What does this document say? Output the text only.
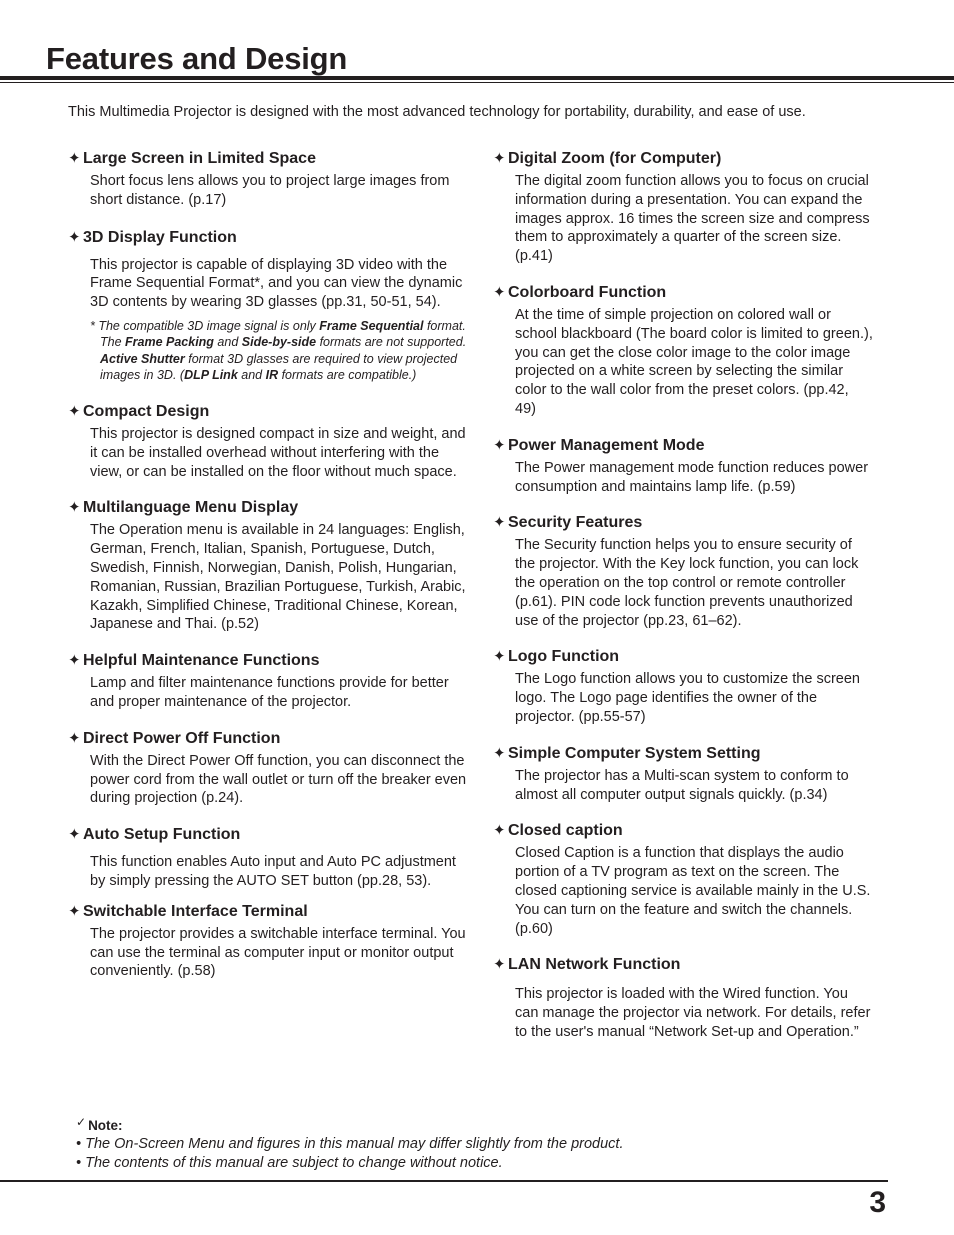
Features and Design

This Multimedia Projector is designed with the most advanced technology for portability, durability, and ease of use.

✦ Large Screen in Limited Space

Short focus lens allows you to project large images from short distance. (p.17)

✦ 3D Display Function

This projector is capable of displaying 3D video with the Frame Sequential Format*, and you can view the dynamic 3D contents by wearing 3D glasses (pp.31, 50-51, 54).

* The compatible 3D image signal is only Frame Sequential format. The Frame Packing and Side-by-side formats are not supported. Active Shutter format 3D glasses are required to view projected images in 3D. (DLP Link and IR formats are compatible.)

✦ Compact Design

This projector is designed compact in size and weight, and it can be installed overhead without interfering with the view, or can be installed on the floor without much space.

✦ Multilanguage Menu Display

The Operation menu is available in 24 languages: English, German, French, Italian, Spanish, Portuguese, Dutch, Swedish, Finnish, Norwegian, Danish, Polish, Hungarian, Romanian, Russian, Brazilian Portuguese, Turkish, Arabic, Kazakh, Simplified Chinese, Traditional Chinese, Korean, Japanese and Thai. (p.52)

✦ Helpful Maintenance Functions

Lamp and filter maintenance functions provide for better and proper maintenance of the projector.

✦ Direct Power Off Function

With the Direct Power Off function, you can disconnect the power cord from the wall outlet or turn off the breaker even during projection (p.24).

✦ Auto Setup Function

This function enables Auto input and Auto PC adjustment by simply pressing the AUTO SET button (pp.28, 53).

✦ Switchable Interface Terminal

The projector provides a switchable interface terminal. You can use the terminal as computer input or monitor output conveniently. (p.58)

✦ Digital Zoom (for Computer)

The digital zoom function allows you to focus on crucial information during a presentation. You can expand the images approx. 16 times the screen size and compress them to approximately a quarter of the screen size. (p.41)

✦ Colorboard Function

At the time of simple projection on colored wall or school blackboard (The board color is limited to green.), you can get the close color image to the color image projected on a white screen by selecting the similar color to the wall color from the preset colors. (pp.42, 49)

✦ Power Management Mode

The Power management mode function reduces power consumption and maintains lamp life. (p.59)

✦ Security Features

The Security function helps you to ensure security of the projector. With the Key lock function, you can lock the operation on the top control or remote controller (p.61). PIN code lock function prevents unauthorized use of the projector (pp.23, 61–62).

✦ Logo Function

The Logo function allows you to customize the screen logo. The Logo page identifies the owner of the projector. (pp.55-57)

✦ Simple Computer System Setting

The projector has a Multi-scan system to conform to almost all computer output signals quickly. (p.34)

✦ Closed caption

Closed Caption is a function that displays the audio portion of a TV program as text on the screen. The closed captioning service is available mainly in the U.S. You can turn on the feature and switch the channels. (p.60)

✦ LAN Network Function

This projector is loaded with the Wired function. You can manage the projector via network. For details, refer to the user's manual “Network Set-up and Operation.”

✓ Note:

• The On-Screen Menu and figures in this manual may differ slightly from the product.

• The contents of this manual are subject to change without notice.

3
